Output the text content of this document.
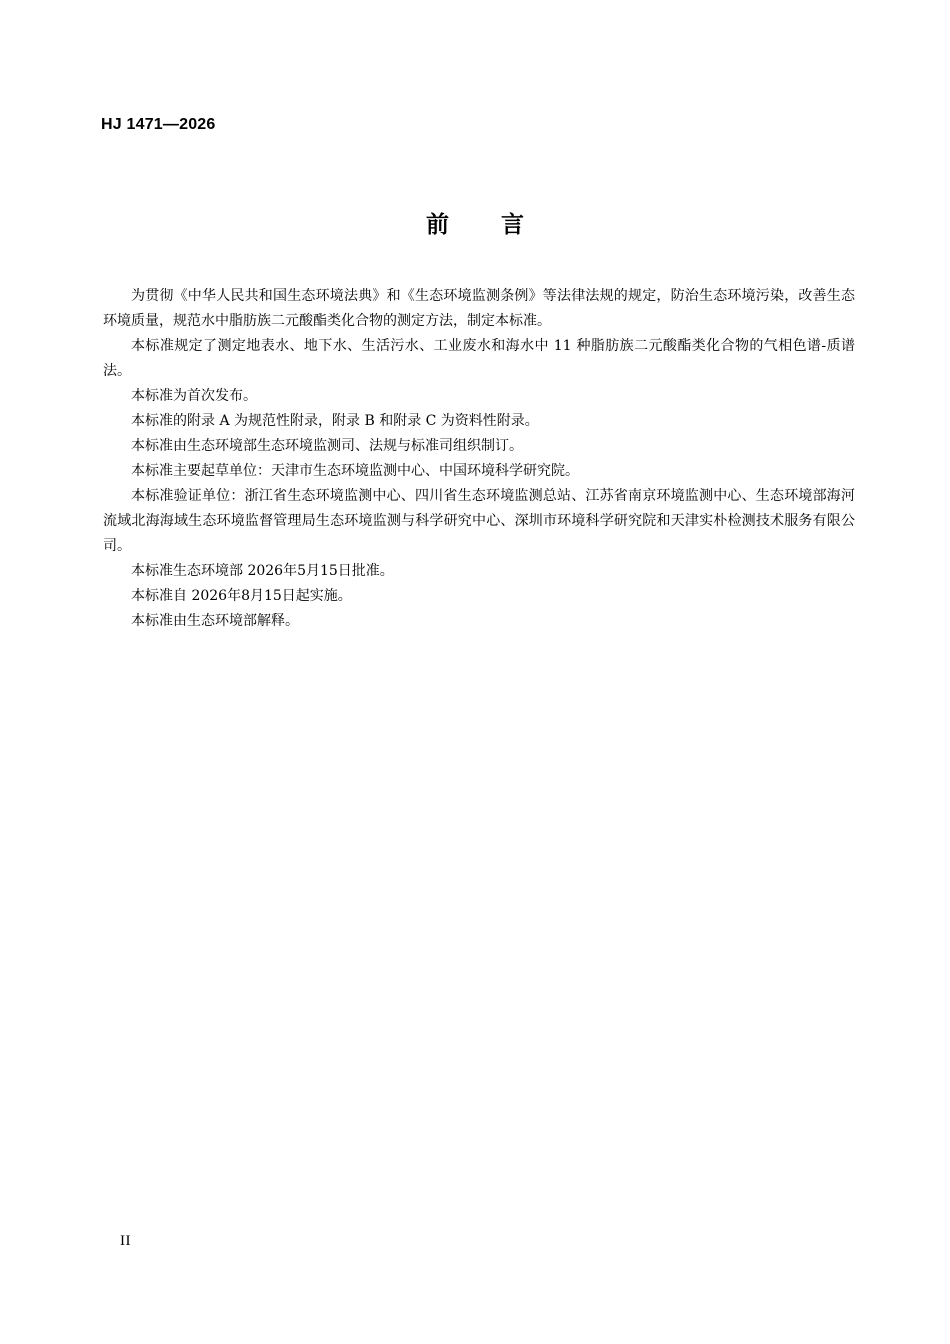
HJ 1471—2026
前 言

为贯彻《中华人民共和国生态环境法典》和《生态环境监测条例》等法律法规的规定，防治生态环境污染，改善生态环境质量，规范水中脂肪族二元酸酯类化合物的测定方法，制定本标准。

本标准规定了测定地表水、地下水、生活污水、工业废水和海水中 11 种脂肪族二元酸酯类化合物的气相色谱-质谱法。

本标准为首次发布。

本标准的附录 A 为规范性附录，附录 B 和附录 C 为资料性附录。

本标准由生态环境部生态环境监测司、法规与标准司组织制订。

本标准主要起草单位：天津市生态环境监测中心、中国环境科学研究院。

本标准验证单位：浙江省生态环境监测中心、四川省生态环境监测总站、江苏省南京环境监测中心、生态环境部海河流域北海海域生态环境监督管理局生态环境监测与科学研究中心、深圳市环境科学研究院和天津实朴检测技术服务有限公司。

本标准生态环境部 2026年5月15日批准。

本标准自 2026年8月15日起实施。

本标准由生态环境部解释。

II
